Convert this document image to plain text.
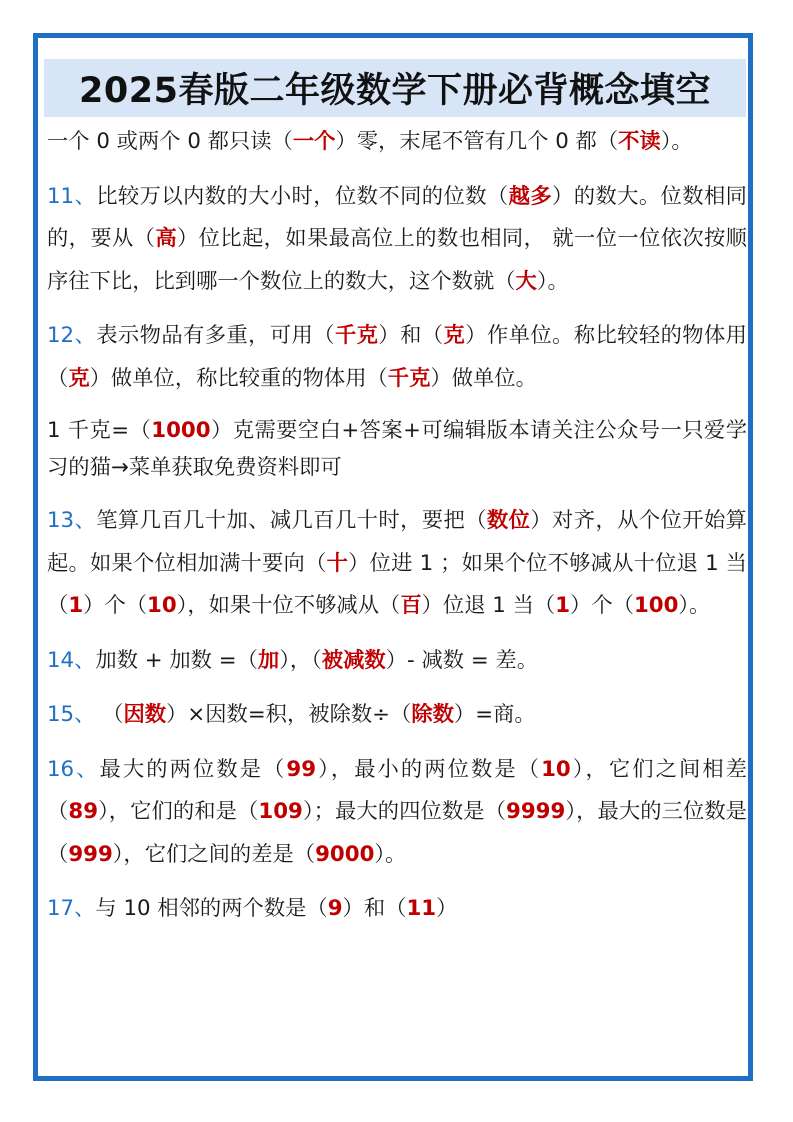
2025春版二年级数学下册必背概念填空

一个 0 或两个 0 都只读（一个）零，末尾不管有几个 0 都（不读）。

11、比较万以内数的大小时，位数不同的位数（越多）的数大。位数相同的，要从（高）位比起，如果最高位上的数也相同， 就一位一位依次按顺序往下比，比到哪一个数位上的数大，这个数就（大）。

12、表示物品有多重，可用（千克）和（克）作单位。称比较轻的物体用（克）做单位，称比较重的物体用（千克）做单位。

1 千克=（1000）克需要空白+答案+可编辑版本请关注公众号一只爱学习的猫→菜单获取免费资料即可

13、笔算几百几十加、减几百几十时，要把（数位）对齐，从个位开始算起。如果个位相加满十要向（十）位进 1 ；如果个位不够减从十位退 1 当（1）个（10），如果十位不够减从（百）位退 1 当（1）个（100）。

14、加数 + 加数 =（加），（被减数）- 减数 = 差。

15、 （因数）×因数=积，被除数÷（除数）=商。

16、最大的两位数是（99），最小的两位数是（10），它们之间相差（89），它们的和是（109）；最大的四位数是（9999），最大的三位数是（999），它们之间的差是（9000）。

17、与 10 相邻的两个数是（9）和（11）
